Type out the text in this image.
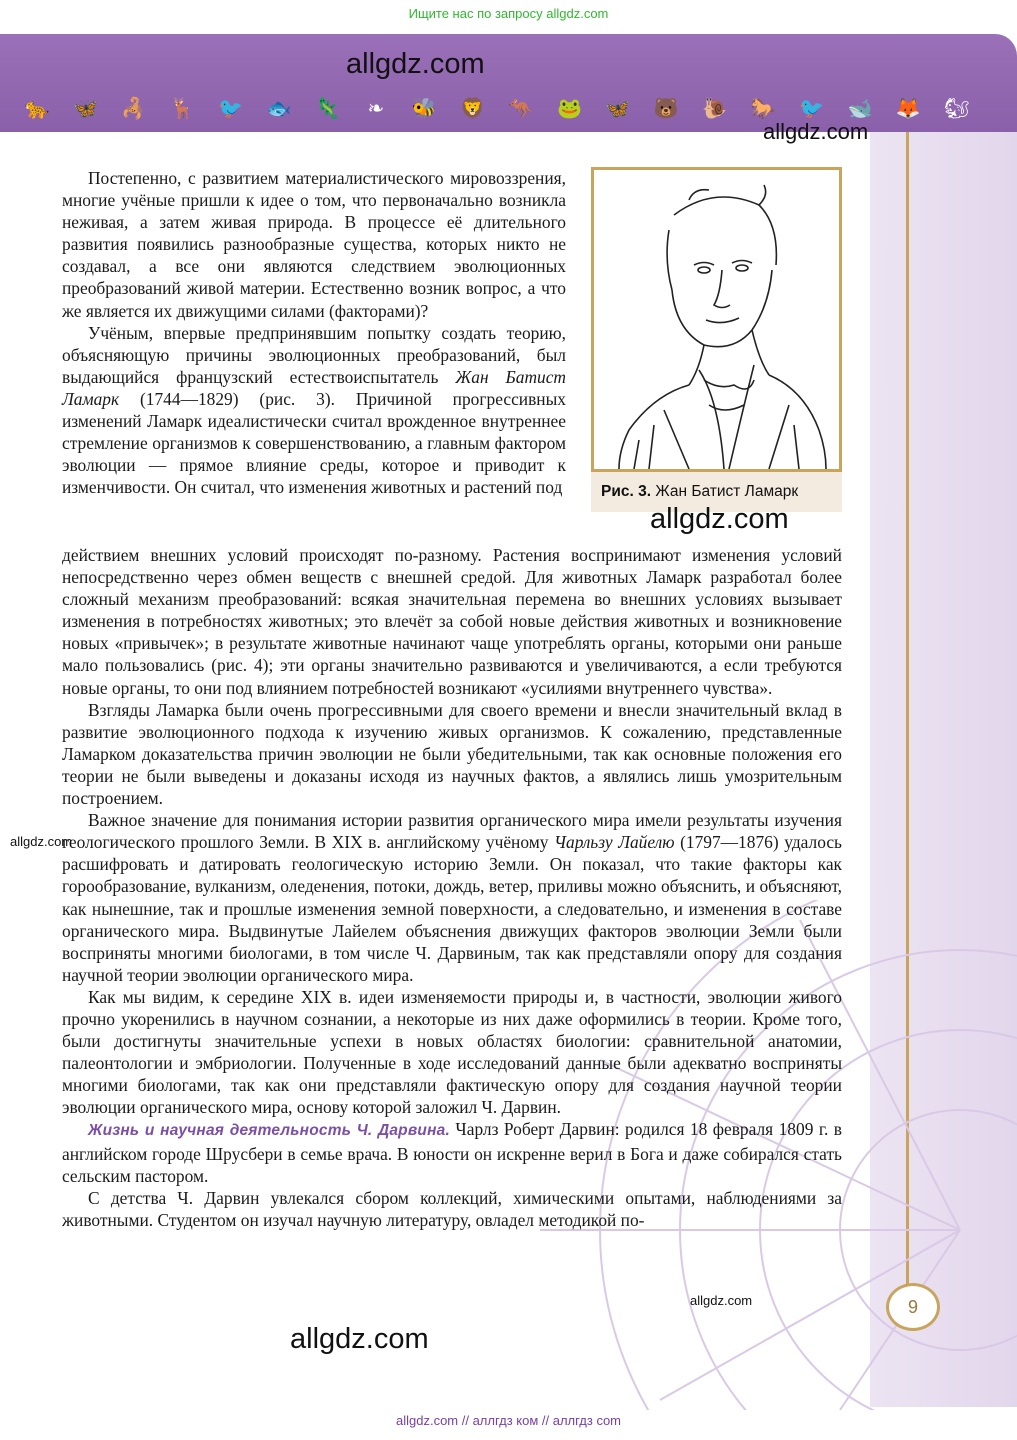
Ищите нас по запросу allgdz.com
allgdz.com
🐆 🦋 🦂 🦌 🐦 🐟 🦎	❧	🐝 🦁 🦘 🐸 🦋 🐻 🐌 🐎 🐦 🐋 🦊 🐿
allgdz.com
Рис. 3. Жан Батист Ламарк
allgdz.com

Постепенно, с развитием материалистического мировоззрения, многие учёные пришли к идее о том, что первоначально возникла неживая, а затем живая природа. В процессе её длительного развития появились разнообразные существа, которых никто не создавал, а все они являются следствием эволюционных преобразований живой материи. Естественно возник вопрос, а что же является их движущими силами (факторами)?

Учёным, впервые предпринявшим попытку создать теорию, объясняющую причины эволюционных преобразований, был выдающийся французский естествоиспытатель Жан Батист Ламарк (1744—1829) (рис. 3). Причиной прогрессивных изменений Ламарк идеалистически считал врожденное внутреннее стремление организмов к совершенствованию, а главным фактором эволюции — прямое влияние среды, которое и приводит к изменчивости. Он считал, что изменения животных и растений под

действием внешних условий происходят по-разному. Растения воспринимают изменения условий непосредственно через обмен веществ с внешней средой. Для животных Ламарк разработал более сложный механизм преобразований: всякая значительная перемена во внешних условиях вызывает изменения в потребностях животных; это влечёт за собой новые действия животных и возникновение новых «привычек»; в результате животные начинают чаще употреблять органы, которыми они раньше мало пользовались (рис. 4); эти органы значительно развиваются и увеличиваются, а если требуются новые органы, то они под влиянием потребностей возникают «усилиями внутреннего чувства».

Взгляды Ламарка были очень прогрессивными для своего времени и внесли значительный вклад в развитие эволюционного подхода к изучению живых организмов. К сожалению, представленные Ламарком доказательства причин эволюции не были убедительными, так как основные положения его теории не были выведены и доказаны исходя из научных фактов, а являлись лишь умозрительным построением.

Важное значение для понимания истории развития органического мира имели результаты изучения геологического прошлого Земли. В XIX в. английскому учёному Чарльзу Лайелю (1797—1876) удалось расшифровать и датировать геологическую историю Земли. Он показал, что такие факторы как горообразование, вулканизм, оледенения, потоки, дождь, ветер, приливы можно объяснить, и объясняют, как нынешние, так и прошлые изменения земной поверхности, а следовательно, и изменения в составе органического мира. Выдвинутые Лайелем объяснения движущих факторов эволюции Земли были восприняты многими биологами, в том числе Ч. Дарвиным, так как представляли опору для создания научной теории эволюции органического мира.

Как мы видим, к середине XIX в. идеи изменяемости природы и, в частности, эволюции живого прочно укоренились в научном сознании, а некоторые из них даже оформились в теории. Кроме того, были достигнуты значительные успехи в новых областях биологии: сравнительной анатомии, палеонтологии и эмбриологии. Полученные в ходе исследований данные были адекватно восприняты многими биологами, так как они представляли фактическую опору для создания научной теории эволюции органического мира, основу которой заложил Ч. Дарвин.

Жизнь и научная деятельность Ч. Дарвина. Чарлз Роберт Дарвин: родился 18 февраля 1809 г. в английском городе Шрусбери в семье врача. В юности он искренне верил в Бога и даже собирался стать сельским пастором.

С детства Ч. Дарвин увлекался сбором коллекций, химическими опытами, наблюдениями за животными. Студентом он изучал научную литературу, овладел методикой по-

allgdz.com
allgdz.com
allgdz.com
9
allgdz.com // аллгдз ком // аллгдз com
